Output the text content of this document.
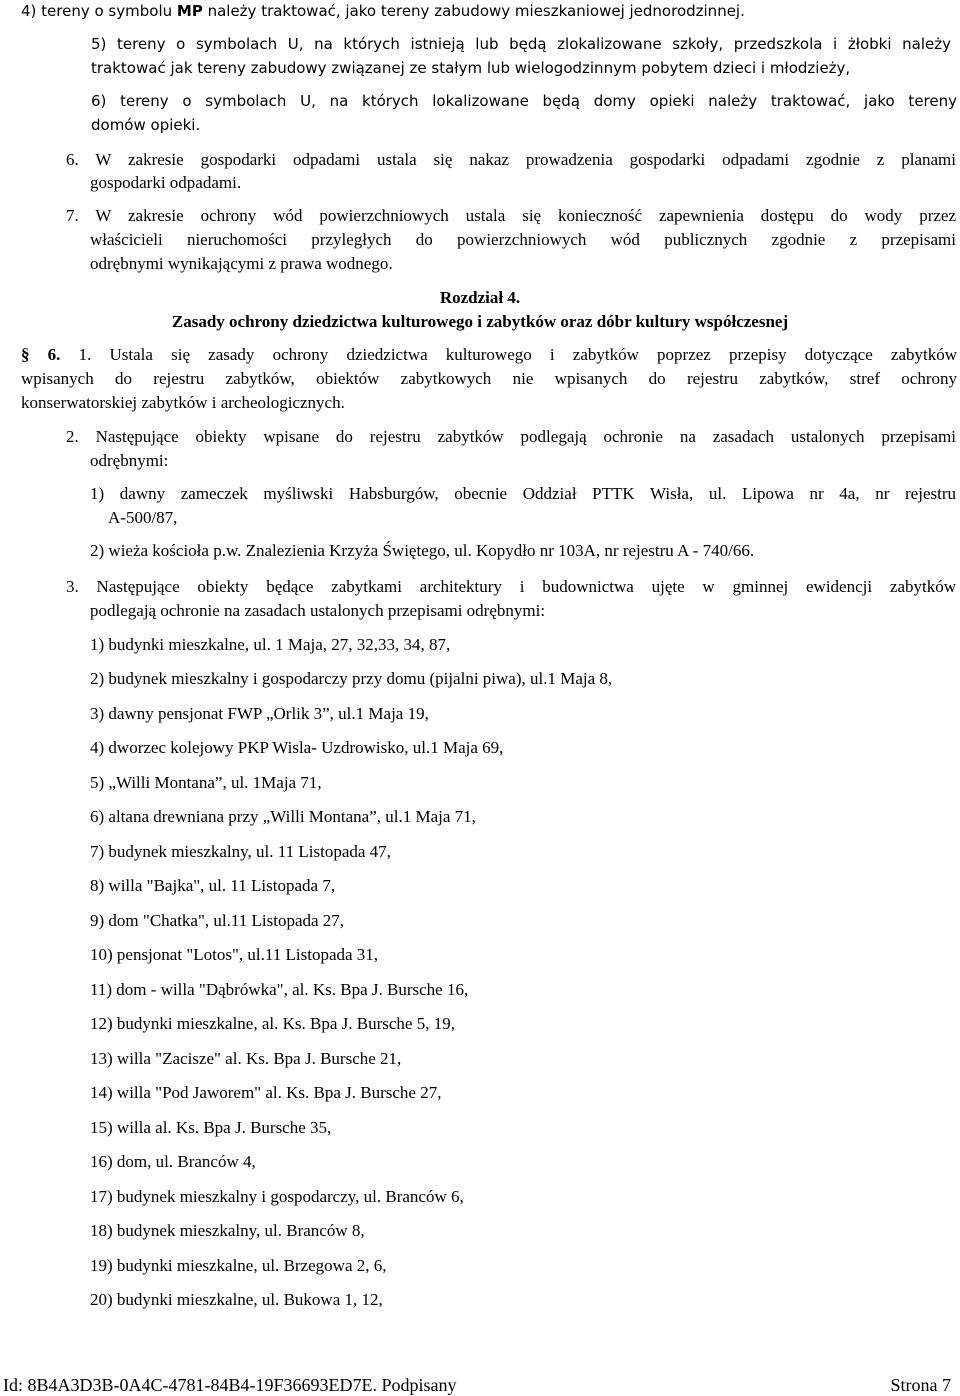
4) tereny o symbolu MP należy traktować, jako tereny zabudowy mieszkaniowej jednorodzinnej.
5) tereny o symbolach U, na których istnieją lub będą zlokalizowane szkoły, przedszkola i żłobki należy
traktować jak tereny zabudowy związanej ze stałym lub wielogodzinnym pobytem dzieci i młodzieży,
6) tereny o symbolach U, na których lokalizowane będą domy opieki należy traktować, jako tereny
domów opieki.
6. W zakresie gospodarki odpadami ustala się nakaz prowadzenia gospodarki odpadami zgodnie z planami
gospodarki odpadami.
7. W zakresie ochrony wód powierzchniowych ustala się konieczność zapewnienia dostępu do wody przez
właścicieli nieruchomości przyległych do powierzchniowych wód publicznych zgodnie z przepisami
odrębnymi wynikającymi z prawa wodnego.
Rozdział 4.
Zasady ochrony dziedzictwa kulturowego i zabytków oraz dóbr kultury współczesnej
§ 6. 1. Ustala się zasady ochrony dziedzictwa kulturowego i zabytków poprzez przepisy dotyczące zabytków
wpisanych do rejestru zabytków, obiektów zabytkowych nie wpisanych do rejestru zabytków, stref ochrony
konserwatorskiej zabytków i archeologicznych.
2. Następujące obiekty wpisane do rejestru zabytków podlegają ochronie na zasadach ustalonych przepisami
odrębnymi:
1) dawny zameczek myśliwski Habsburgów, obecnie Oddział PTTK Wisła, ul. Lipowa nr 4a, nr rejestru
A-500/87,
2) wieża kościoła p.w. Znalezienia Krzyża Świętego, ul. Kopydło nr 103A, nr rejestru A - 740/66.
3. Następujące obiekty będące zabytkami architektury i budownictwa ujęte w gminnej ewidencji zabytków
podlegają ochronie na zasadach ustalonych przepisami odrębnymi:
1) budynki mieszkalne, ul. 1 Maja, 27, 32,33, 34, 87,
2) budynek mieszkalny i gospodarczy przy domu (pijalni piwa), ul.1 Maja 8,
3) dawny pensjonat FWP „Orlik 3”, ul.1 Maja 19,
4) dworzec kolejowy PKP Wisla- Uzdrowisko, ul.1 Maja 69,
5) „Willi Montana”, ul. 1Maja 71,
6) altana drewniana przy „Willi Montana”, ul.1 Maja 71,
7) budynek mieszkalny, ul. 11 Listopada 47,
8) willa "Bajka", ul. 11 Listopada 7,
9) dom "Chatka", ul.11 Listopada 27,
10) pensjonat "Lotos", ul.11 Listopada 31,
11) dom - willa "Dąbrówka", al. Ks. Bpa J. Bursche 16,
12) budynki mieszkalne, al. Ks. Bpa J. Bursche 5, 19,
13) willa "Zacisze" al. Ks. Bpa J. Bursche 21,
14) willa "Pod Jaworem" al. Ks. Bpa J. Bursche 27,
15) willa al. Ks. Bpa J. Bursche 35,
16) dom, ul. Branców 4,
17) budynek mieszkalny i gospodarczy, ul. Branców 6,
18) budynek mieszkalny, ul. Branców 8,
19) budynki mieszkalne, ul. Brzegowa 2, 6,
20) budynki mieszkalne, ul. Bukowa 1, 12,
Id: 8B4A3D3B-0A4C-4781-84B4-19F36693ED7E. Podpisany	Strona 7
